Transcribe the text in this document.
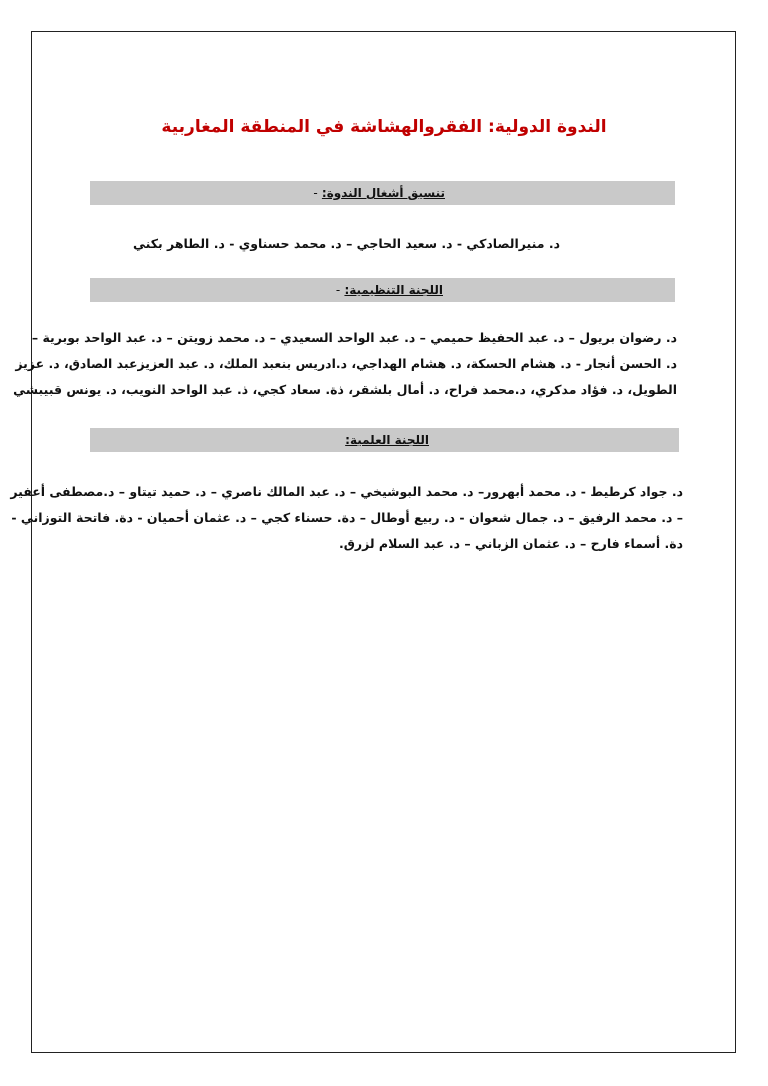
الندوة الدولية: الفقروالهشاشة في المنطقة المغاربية
تنسيق أشغال الندوة: -
د. منيرالصادكي - د. سعيد الحاجي – د. محمد حسناوي - د. الطاهر بكني
اللجنة التنظيمية: -
د. رضوان بريول – د. عبد الحفيظ حميمي – د. عبد الواحد السعيدي – د. محمد زويتن – د. عبد الواحد بوبرية –
د. الحسن أنجار - د. هشام الحسكة، د. هشام الهداجي، د.ادريس بنعبد الملك، د. عبد العزيزعبد الصادق، د. عزيز
الطويل، د. فؤاد مدكري، د.محمد فراح، د. أمال بلشقر، ذة. سعاد كجي، ذ. عبد الواحد النويب، د. يونس قبيبشي
اللجنة العلمية:
د. جواد كرطيط - د. محمد أبهرور– د. محمد البوشيخي – د. عبد المالك ناصري – د. حميد تيتاو – د.مصطفى أعفير
– د. محمد الرفيق – د. جمال شعوان - د. ربيع أوطال – دة. حسناء كجي – د. عثمان أحميان - دة. فاتحة التوزاني -
دة. أسماء فارح – د. عثمان الزباني – د. عبد السلام لزرق.
